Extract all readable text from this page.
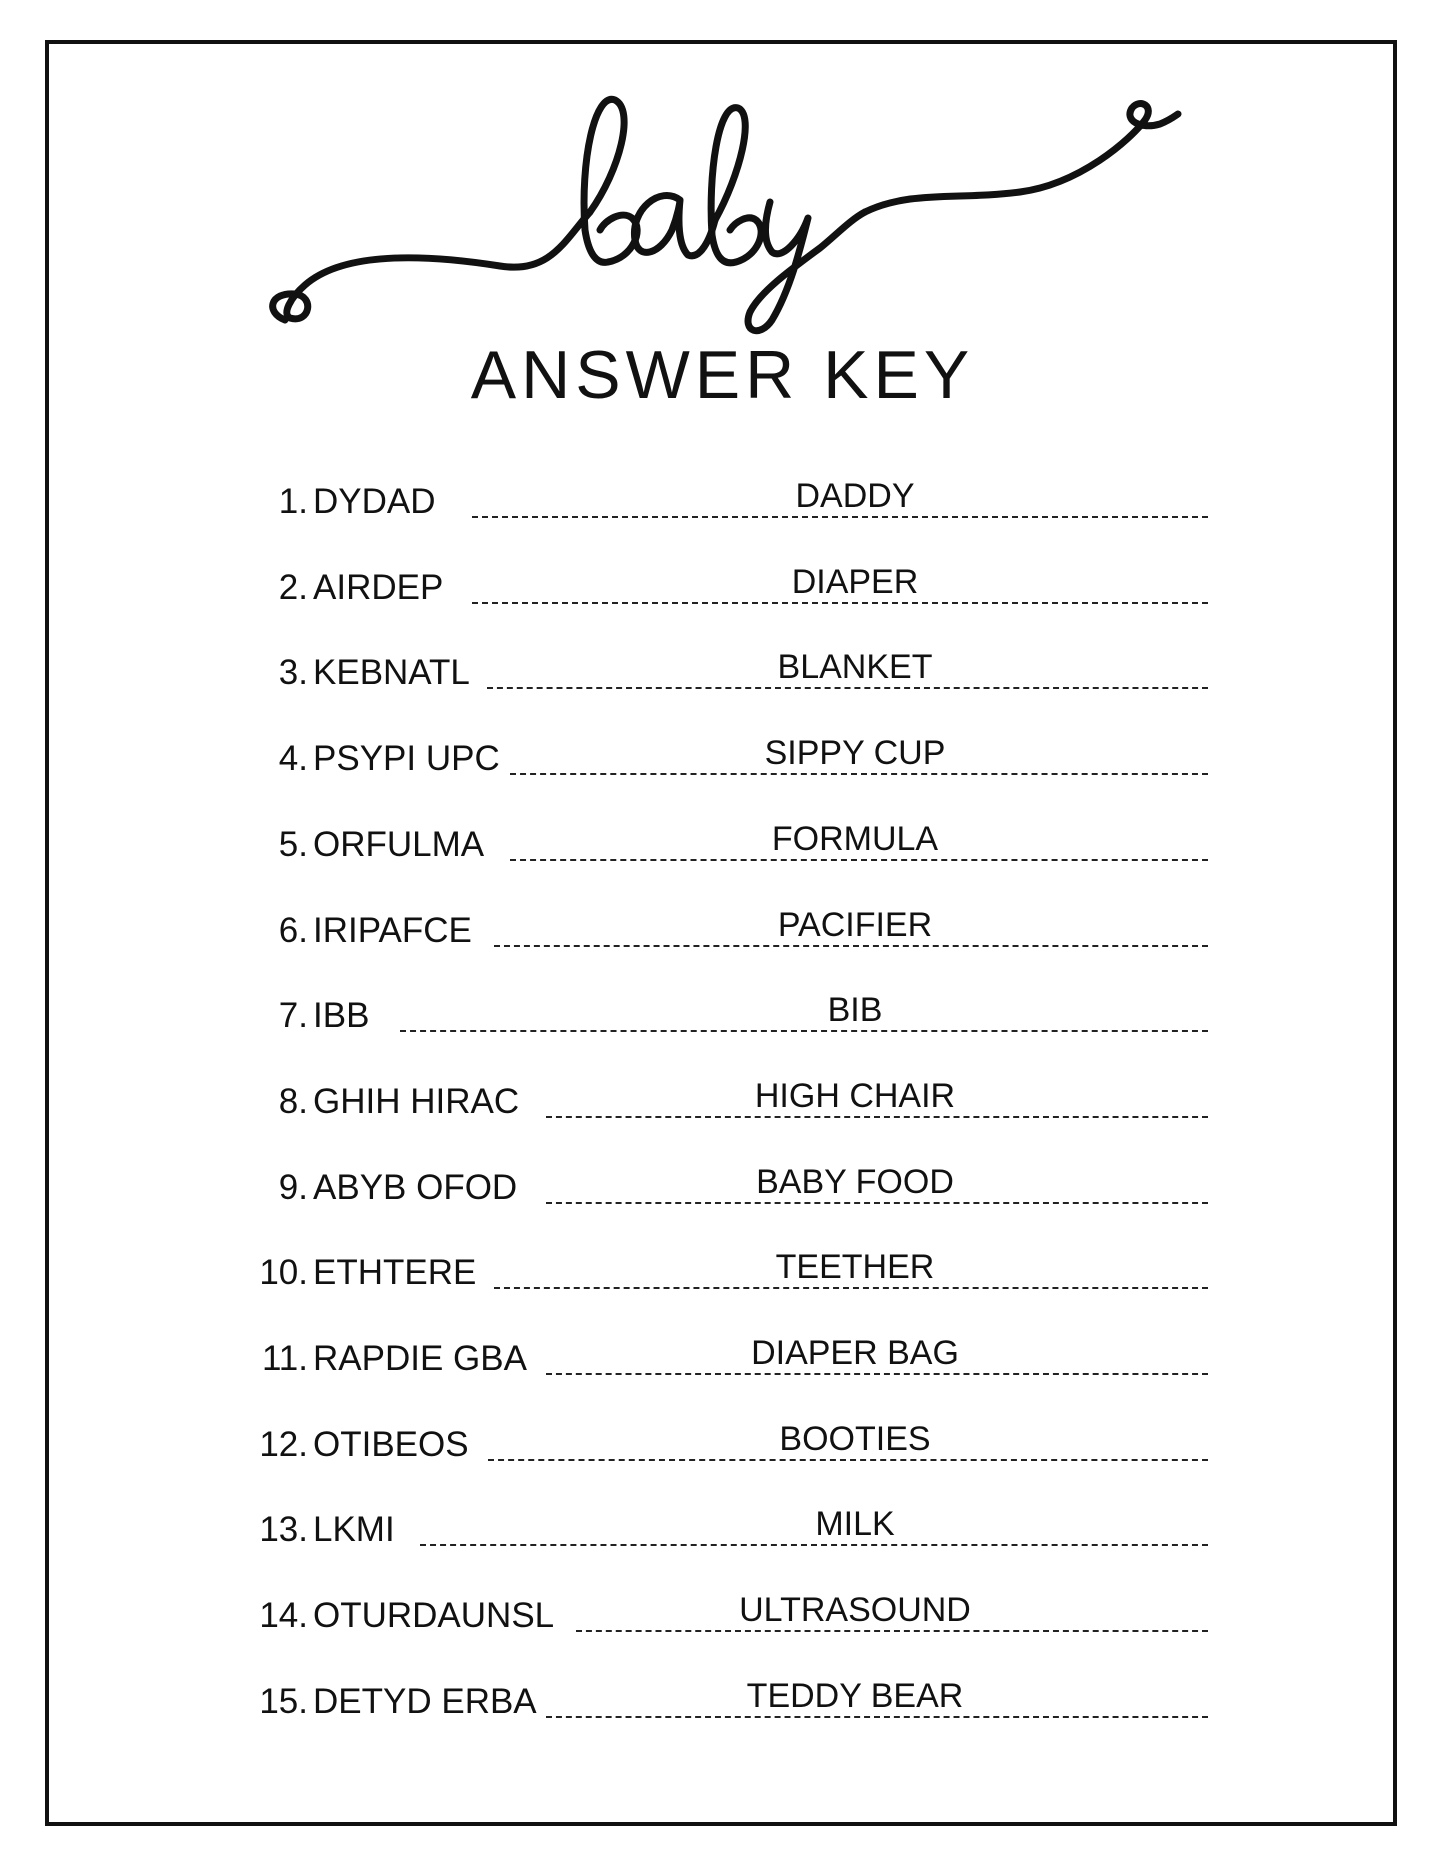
ANSWER KEY
1. DYDAD	DADDY
2. AIRDEP	DIAPER
3. KEBNATL	BLANKET
4. PSYPI UPC	SIPPY CUP
5. ORFULMA	FORMULA
6. IRIPAFCE	PACIFIER
7. IBB	BIB
8. GHIH HIRAC	HIGH CHAIR
9. ABYB OFOD	BABY FOOD
10. ETHTERE	TEETHER
11. RAPDIE GBA	DIAPER BAG
12. OTIBEOS	BOOTIES
13. LKMI	MILK
14. OTURDAUNSL	ULTRASOUND
15. DETYD ERBA	TEDDY BEAR
